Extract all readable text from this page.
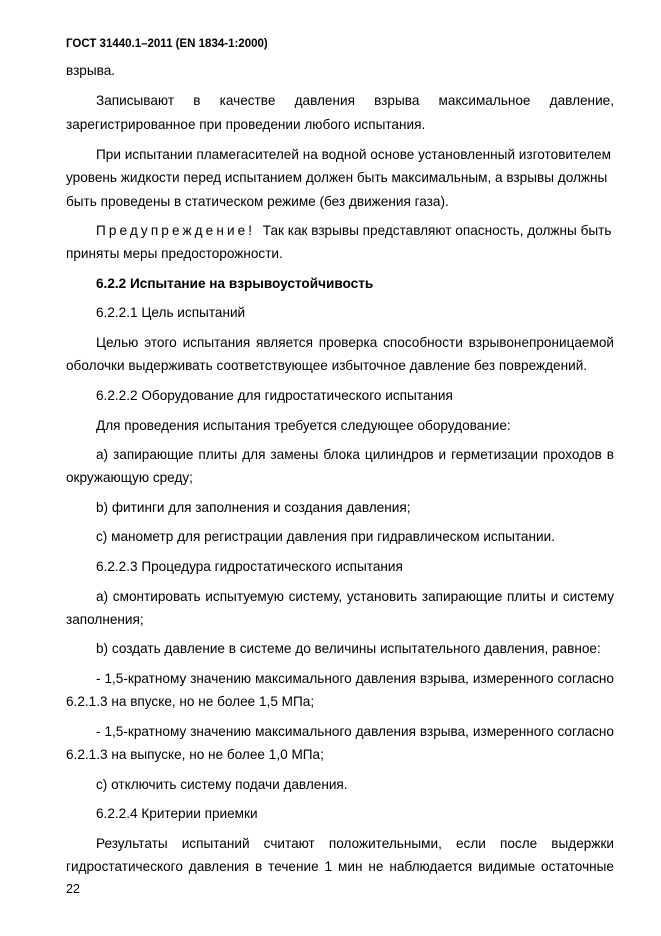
ГОСТ 31440.1–2011 (EN 1834-1:2000)
взрыва.
Записывают в качестве давления взрыва максимальное давление,
зарегистрированное при проведении любого испытания.
При испытании пламегасителей на водной основе установленный изготовителем
уровень жидкости перед испытанием должен быть максимальным, а взрывы должны
быть проведены в статическом режиме (без движения газа).
Предупреждение! Так как взрывы представляют опасность, должны быть
приняты меры предосторожности.
6.2.2 Испытание на взрывоустойчивость
6.2.2.1 Цель испытаний
Целью этого испытания является проверка способности взрывонепроницаемой
оболочки выдерживать соответствующее избыточное давление без повреждений.
6.2.2.2 Оборудование для гидростатического испытания
Для проведения испытания требуется следующее оборудование:
a) запирающие плиты для замены блока цилиндров и герметизации проходов в
окружающую среду;
b) фитинги для заполнения и создания давления;
c) манометр для регистрации давления при гидравлическом испытании.
6.2.2.3 Процедура гидростатического испытания
а) смонтировать испытуемую систему, установить запирающие плиты и систему
заполнения;
b) создать давление в системе до величины испытательного давления, равное:
- 1,5-кратному значению максимального давления взрыва, измеренного согласно
6.2.1.3 на впуске, но не более 1,5 МПа;
- 1,5-кратному значению максимального давления взрыва, измеренного согласно
6.2.1.3 на выпуске, но не более 1,0 МПа;
с) отключить систему подачи давления.
6.2.2.4 Критерии приемки
Результаты испытаний считают положительными, если после выдержки
гидростатического давления в течение 1 мин не наблюдается видимые остаточные
22
